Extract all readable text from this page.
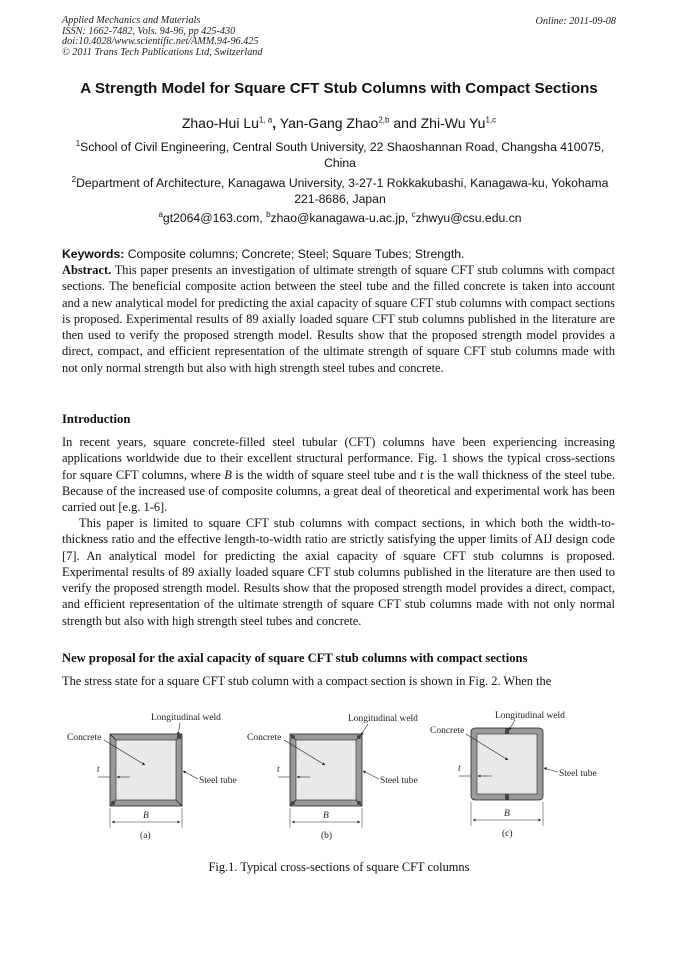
Applied Mechanics and Materials
ISSN: 1662-7482, Vols. 94-96, pp 425-430
doi:10.4028/www.scientific.net/AMM.94-96.425
© 2011 Trans Tech Publications Ltd, Switzerland
Online: 2011-09-08
A Strength Model for Square CFT Stub Columns with Compact Sections
Zhao-Hui Lu$^{1, a}$, Yan-Gang Zhao$^{2,b}$ and Zhi-Wu Yu$^{1,c}$
$^1$School of Civil Engineering, Central South University, 22 Shaoshannan Road, Changsha 410075, China
$^2$Department of Architecture, Kanagawa University, 3-27-1 Rokkakubashi, Kanagawa-ku, Yokohama 221-8686, Japan
$^a$gt2064@163.com, $^b$zhao@kanagawa-u.ac.jp, $^c$zhwyu@csu.edu.cn
Keywords: Composite columns; Concrete; Steel; Square Tubes; Strength.
Abstract. This paper presents an investigation of ultimate strength of square CFT stub columns with compact sections. The beneficial composite action between the steel tube and the filled concrete is taken into account and a new analytical model for predicting the axial capacity of square CFT stub columns with compact sections is proposed. Experimental results of 89 axially loaded square CFT stub columns published in the literature are then used to verify the proposed strength model. Results show that the proposed strength model provides a direct, compact, and efficient representation of the ultimate strength of square CFT stub columns made with not only normal strength but also with high strength steel tubes and concrete.
Introduction
In recent years, square concrete-filled steel tubular (CFT) columns have been experiencing increasing applications worldwide due to their excellent structural performance. Fig. 1 shows the typical cross-sections for square CFT columns, where B is the width of square steel tube and t is the wall thickness of the steel tube. Because of the increased use of composite columns, a great deal of theoretical and experimental work has been carried out [e.g. 1-6].
This paper is limited to square CFT stub columns with compact sections, in which both the width-to-thickness ratio and the effective length-to-width ratio are strictly satisfying the upper limits of AIJ design code [7]. An analytical model for predicting the axial capacity of square CFT stub columns is proposed. Experimental results of 89 axially loaded square CFT stub columns published in the literature are then used to verify the proposed strength model. Results show that the proposed strength model provides a direct, compact, and efficient representation of the ultimate strength of square CFT stub columns made with not only normal strength but also with high strength steel tubes and concrete.
New proposal for the axial capacity of square CFT stub columns with compact sections
The stress state for a square CFT stub column with a compact section is shown in Fig. 2. When the
Longitudinal weld
Concrete
t
Steel tube
B
(a)
Longitudinal weld
Concrete
t
Steel tube
B
(b)
Longitudinal weld
Concrete
t	Steel tube
B
(c)
Fig.1. Typical cross-sections of square CFT columns
